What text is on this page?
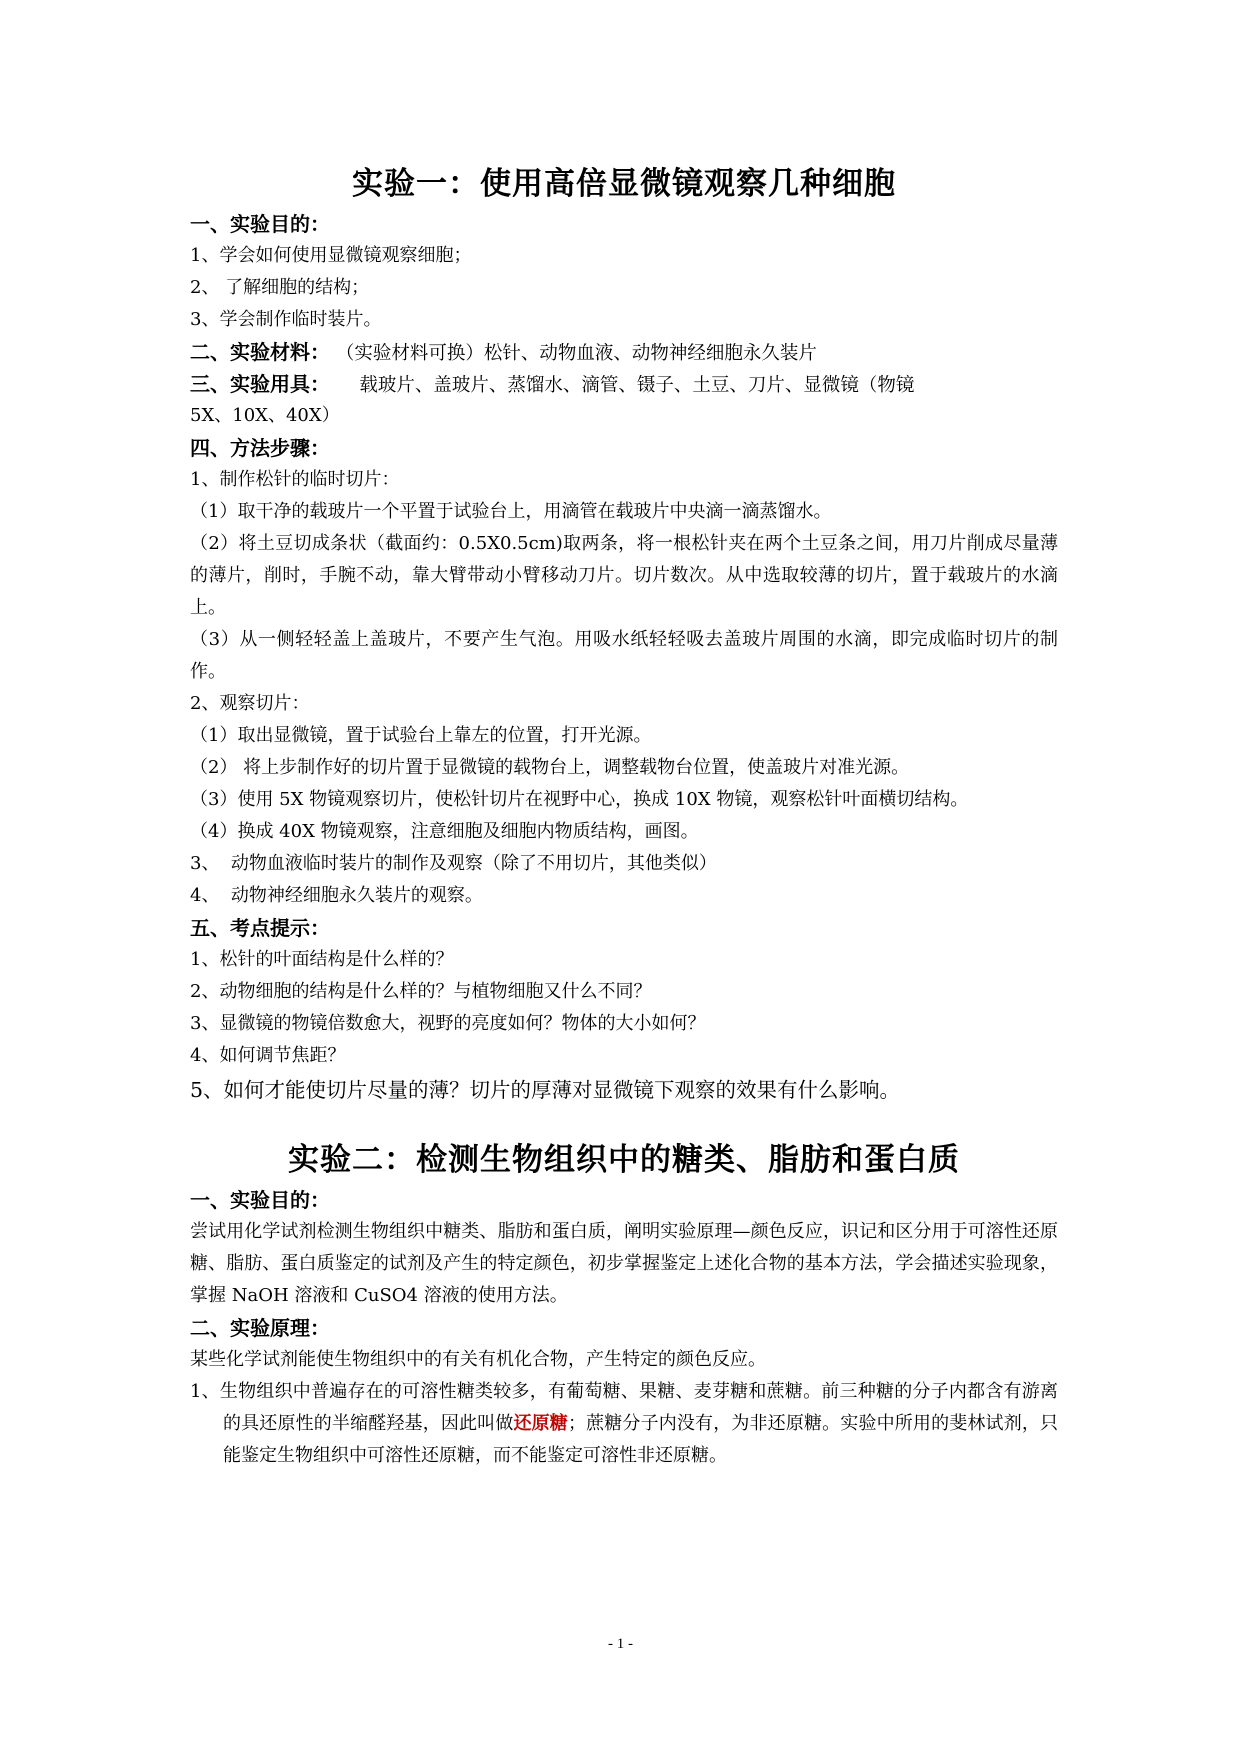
实验一：使用高倍显微镜观察几种细胞

一、实验目的：

1、学会如何使用显微镜观察细胞；

2、 了解细胞的结构；

3、学会制作临时装片。

二、实验材料： （实验材料可换）松针、动物血液、动物神经细胞永久装片

三、实验用具：     载玻片、盖玻片、蒸馏水、滴管、镊子、土豆、刀片、显微镜（物镜

5X、10X、40X）

四、方法步骤：

1、制作松针的临时切片：

（1）取干净的载玻片一个平置于试验台上，用滴管在载玻片中央滴一滴蒸馏水。

（2）将土豆切成条状（截面约：0.5X0.5cm)取两条，将一根松针夹在两个土豆条之间，用刀片削成尽量薄的薄片，削时，手腕不动，靠大臂带动小臂移动刀片。切片数次。从中选取较薄的切片，置于载玻片的水滴上。

（3）从一侧轻轻盖上盖玻片，不要产生气泡。用吸水纸轻轻吸去盖玻片周围的水滴，即完成临时切片的制作。

2、观察切片：

（1）取出显微镜，置于试验台上靠左的位置，打开光源。

（2） 将上步制作好的切片置于显微镜的载物台上，调整载物台位置，使盖玻片对准光源。

（3）使用 5X 物镜观察切片，使松针切片在视野中心，换成 10X 物镜，观察松针叶面横切结构。

（4）换成 40X 物镜观察，注意细胞及细胞内物质结构，画图。

3、  动物血液临时装片的制作及观察（除了不用切片，其他类似）

4、  动物神经细胞永久装片的观察。

五、考点提示：

1、松针的叶面结构是什么样的？

2、动物细胞的结构是什么样的？与植物细胞又什么不同？

3、显微镜的物镜倍数愈大，视野的亮度如何？物体的大小如何？

4、如何调节焦距？

5、如何才能使切片尽量的薄？切片的厚薄对显微镜下观察的效果有什么影响。

实验二：检测生物组织中的糖类、脂肪和蛋白质

一、实验目的：

尝试用化学试剂检测生物组织中糖类、脂肪和蛋白质，阐明实验原理—颜色反应，识记和区分用于可溶性还原糖、脂肪、蛋白质鉴定的试剂及产生的特定颜色，初步掌握鉴定上述化合物的基本方法，学会描述实验现象，掌握 NaOH 溶液和 CuSO4 溶液的使用方法。

二、实验原理：

某些化学试剂能使生物组织中的有关有机化合物，产生特定的颜色反应。

1、生物组织中普遍存在的可溶性糖类较多，有葡萄糖、果糖、麦芽糖和蔗糖。前三种糖的分子内都含有游离的具还原性的半缩醛羟基，因此叫做还原糖；蔗糖分子内没有，为非还原糖。实验中所用的斐林试剂，只能鉴定生物组织中可溶性还原糖，而不能鉴定可溶性非还原糖。

- 1 -
